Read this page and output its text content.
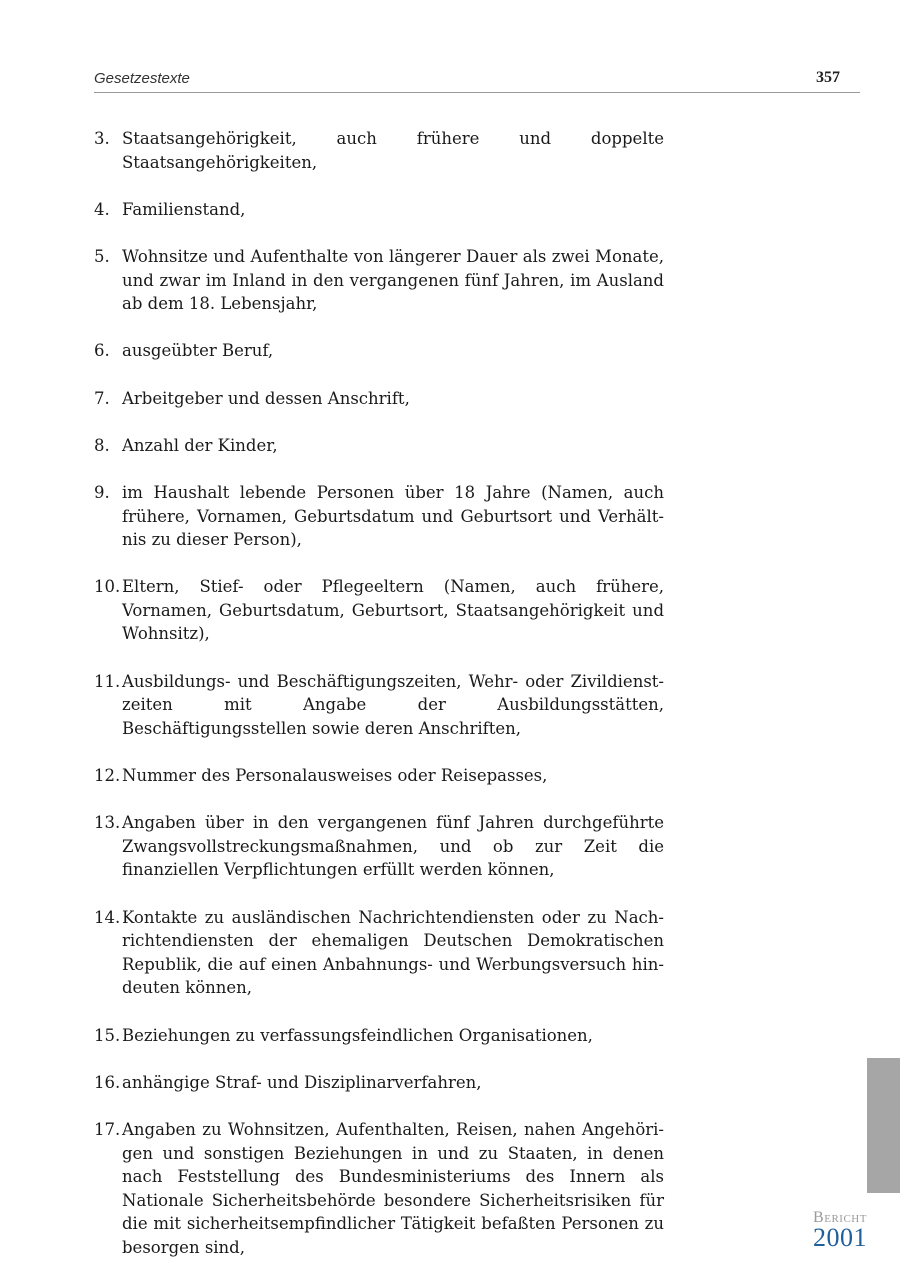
Gesetzestexte	357
3. Staatsangehörigkeit, auch frühere und doppelte Staatsangehörigkeiten,
4. Familienstand,
5. Wohnsitze und Aufenthalte von längerer Dauer als zwei Monate, und zwar im Inland in den vergangenen fünf Jahren, im Ausland ab dem 18. Lebensjahr,
6. ausgeübter Beruf,
7. Arbeitgeber und dessen Anschrift,
8. Anzahl der Kinder,
9. im Haushalt lebende Personen über 18 Jahre (Namen, auch frühere, Vornamen, Geburtsdatum und Geburtsort und Verhältnis zu dieser Person),
10. Eltern, Stief- oder Pflegeeltern (Namen, auch frühere, Vornamen, Geburtsdatum, Geburtsort, Staatsangehörigkeit und Wohnsitz),
11. Ausbildungs- und Beschäftigungszeiten, Wehr- oder Zivildienstzeiten mit Angabe der Ausbildungsstätten, Beschäftigungsstellen sowie deren Anschriften,
12. Nummer des Personalausweises oder Reisepasses,
13. Angaben über in den vergangenen fünf Jahren durchgeführte Zwangsvollstreckungsmaßnahmen, und ob zur Zeit die finanziellen Verpflichtungen erfüllt werden können,
14. Kontakte zu ausländischen Nachrichtendiensten oder zu Nachrichtendiensten der ehemaligen Deutschen Demokratischen Republik, die auf einen Anbahnungs- und Werbungsversuch hindeuten können,
15. Beziehungen zu verfassungsfeindlichen Organisationen,
16. anhängige Straf- und Disziplinarverfahren,
17. Angaben zu Wohnsitzen, Aufenthalten, Reisen, nahen Angehörigen und sonstigen Beziehungen in und zu Staaten, in denen nach Feststellung des Bundesministeriums des Innern als Nationale Sicherheitsbehörde besondere Sicherheitsrisiken für die mit sicherheitsempfindlicher Tätigkeit befaßten Personen zu besorgen sind,
Bericht
2001
